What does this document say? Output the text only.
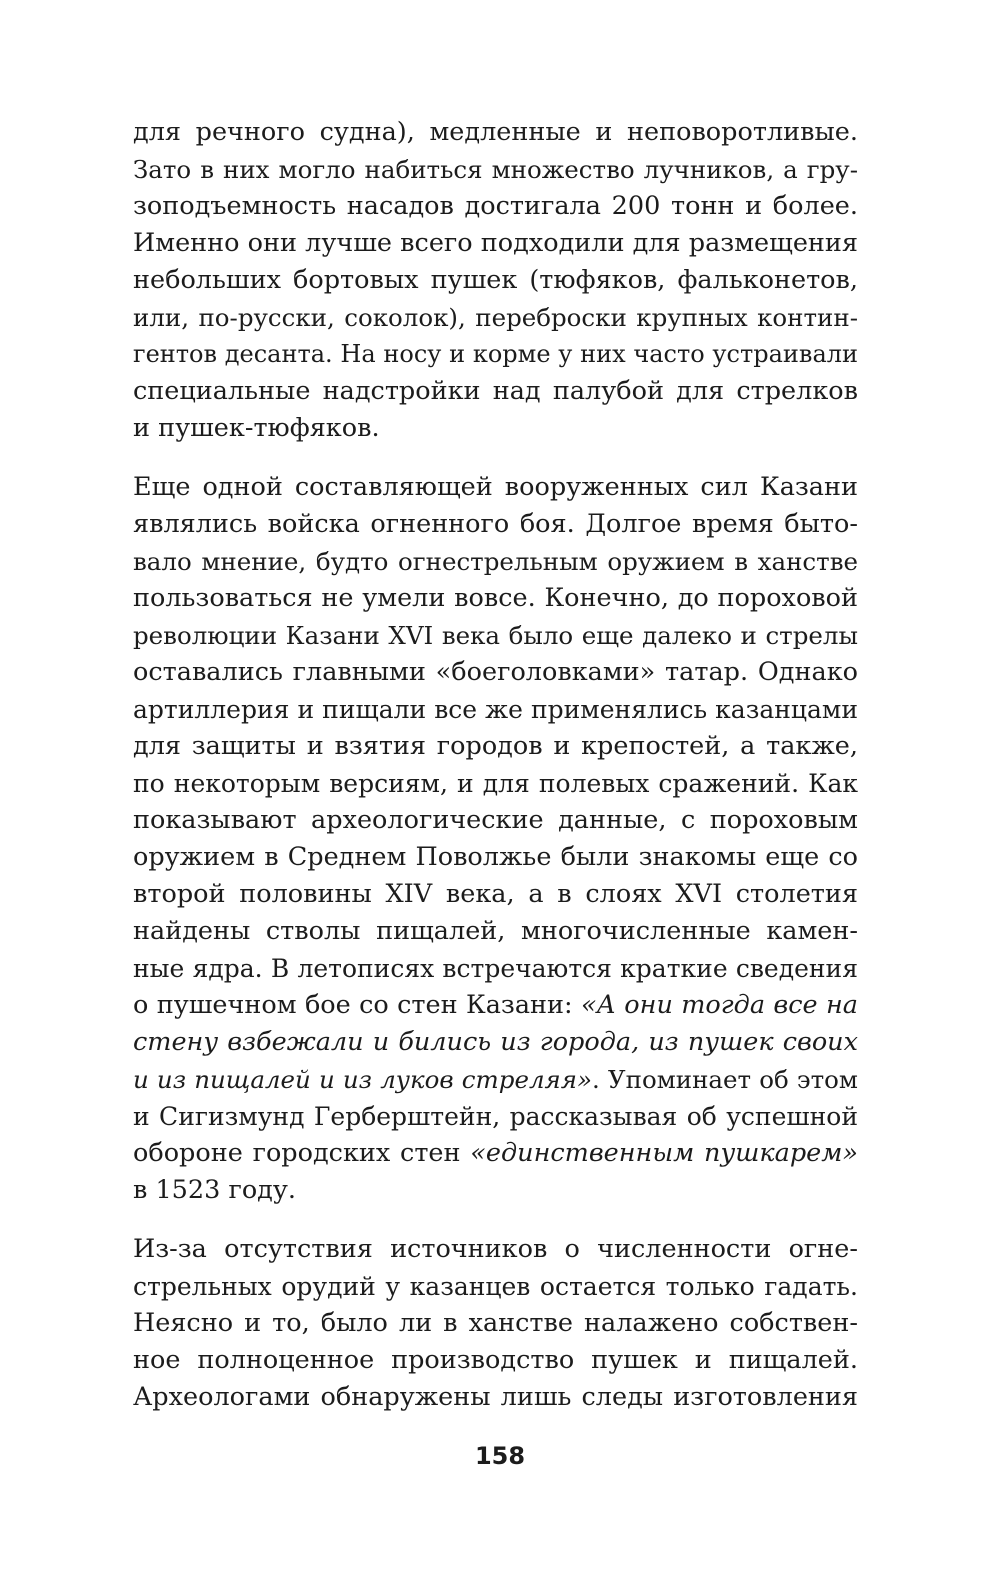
для речного судна), медленные и неповоротливые.
Зато в них могло набиться множество лучников, а гру-
зоподъемность насадов достигала 200 тонн и более.
Именно они лучше всего подходили для размещения
небольших бортовых пушек (тюфяков, фальконетов,
или, по-русски, соколок), переброски крупных контин-
гентов десанта. На носу и корме у них часто устраивали
специальные надстройки над палубой для стрелков
и пушек-тюфяков.
Еще одной составляющей вооруженных сил Казани
являлись войска огненного боя. Долгое время быто-
вало мнение, будто огнестрельным оружием в ханстве
пользоваться не умели вовсе. Конечно, до пороховой
революции Казани XVI века было еще далеко и стрелы
оставались главными «боеголовками» татар. Однако
артиллерия и пищали все же применялись казанцами
для защиты и взятия городов и крепостей, а также,
по некоторым версиям, и для полевых сражений. Как
показывают археологические данные, с пороховым
оружием в Среднем Поволжье были знакомы еще со
второй половины XIV века, а в слоях XVI столетия
найдены стволы пищалей, многочисленные камен-
ные ядра. В летописях встречаются краткие сведения
о пушечном бое со стен Казани: «А они тогда все на
стену взбежали и бились из города, из пушек своих
и из пищалей и из луков стреляя». Упоминает об этом
и Сигизмунд Герберштейн, рассказывая об успешной
обороне городских стен «единственным пушкарем»
в 1523 году.
Из-за отсутствия источников о численности огне-
стрельных орудий у казанцев остается только гадать.
Неясно и то, было ли в ханстве налажено собствен-
ное полноценное производство пушек и пищалей.
Археологами обнаружены лишь следы изготовления
158
